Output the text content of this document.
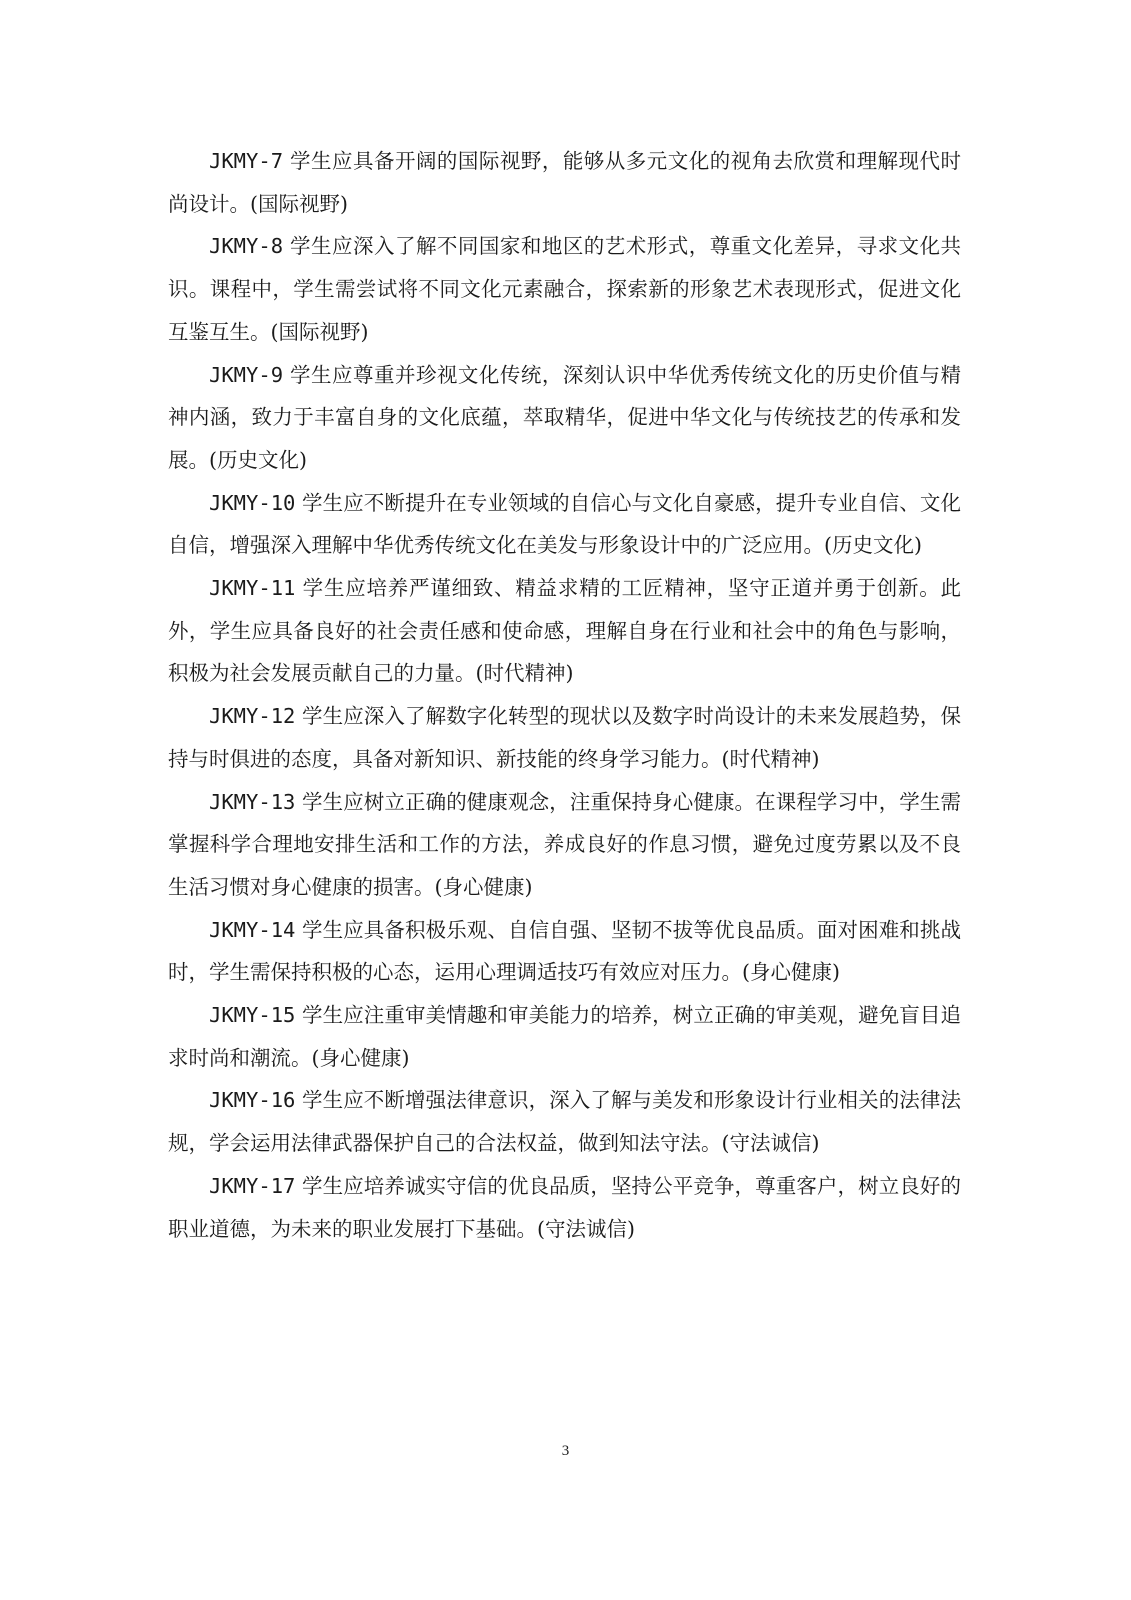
JKMY-7 学生应具备开阔的国际视野，能够从多元文化的视角去欣赏和理解现代时尚设计。(国际视野)

JKMY-8 学生应深入了解不同国家和地区的艺术形式，尊重文化差异，寻求文化共识。课程中，学生需尝试将不同文化元素融合，探索新的形象艺术表现形式，促进文化互鉴互生。(国际视野)

JKMY-9 学生应尊重并珍视文化传统，深刻认识中华优秀传统文化的历史价值与精神内涵，致力于丰富自身的文化底蕴，萃取精华，促进中华文化与传统技艺的传承和发展。(历史文化)

JKMY-10 学生应不断提升在专业领域的自信心与文化自豪感，提升专业自信、文化自信，增强深入理解中华优秀传统文化在美发与形象设计中的广泛应用。(历史文化)

JKMY-11 学生应培养严谨细致、精益求精的工匠精神，坚守正道并勇于创新。此外，学生应具备良好的社会责任感和使命感，理解自身在行业和社会中的角色与影响，积极为社会发展贡献自己的力量。(时代精神)

JKMY-12 学生应深入了解数字化转型的现状以及数字时尚设计的未来发展趋势，保持与时俱进的态度，具备对新知识、新技能的终身学习能力。(时代精神)

JKMY-13 学生应树立正确的健康观念，注重保持身心健康。在课程学习中，学生需掌握科学合理地安排生活和工作的方法，养成良好的作息习惯，避免过度劳累以及不良生活习惯对身心健康的损害。(身心健康)

JKMY-14 学生应具备积极乐观、自信自强、坚韧不拔等优良品质。面对困难和挑战时，学生需保持积极的心态，运用心理调适技巧有效应对压力。(身心健康)

JKMY-15 学生应注重审美情趣和审美能力的培养，树立正确的审美观，避免盲目追求时尚和潮流。(身心健康)

JKMY-16 学生应不断增强法律意识，深入了解与美发和形象设计行业相关的法律法规，学会运用法律武器保护自己的合法权益，做到知法守法。(守法诚信)

JKMY-17 学生应培养诚实守信的优良品质，坚持公平竞争，尊重客户，树立良好的职业道德，为未来的职业发展打下基础。(守法诚信)

3
